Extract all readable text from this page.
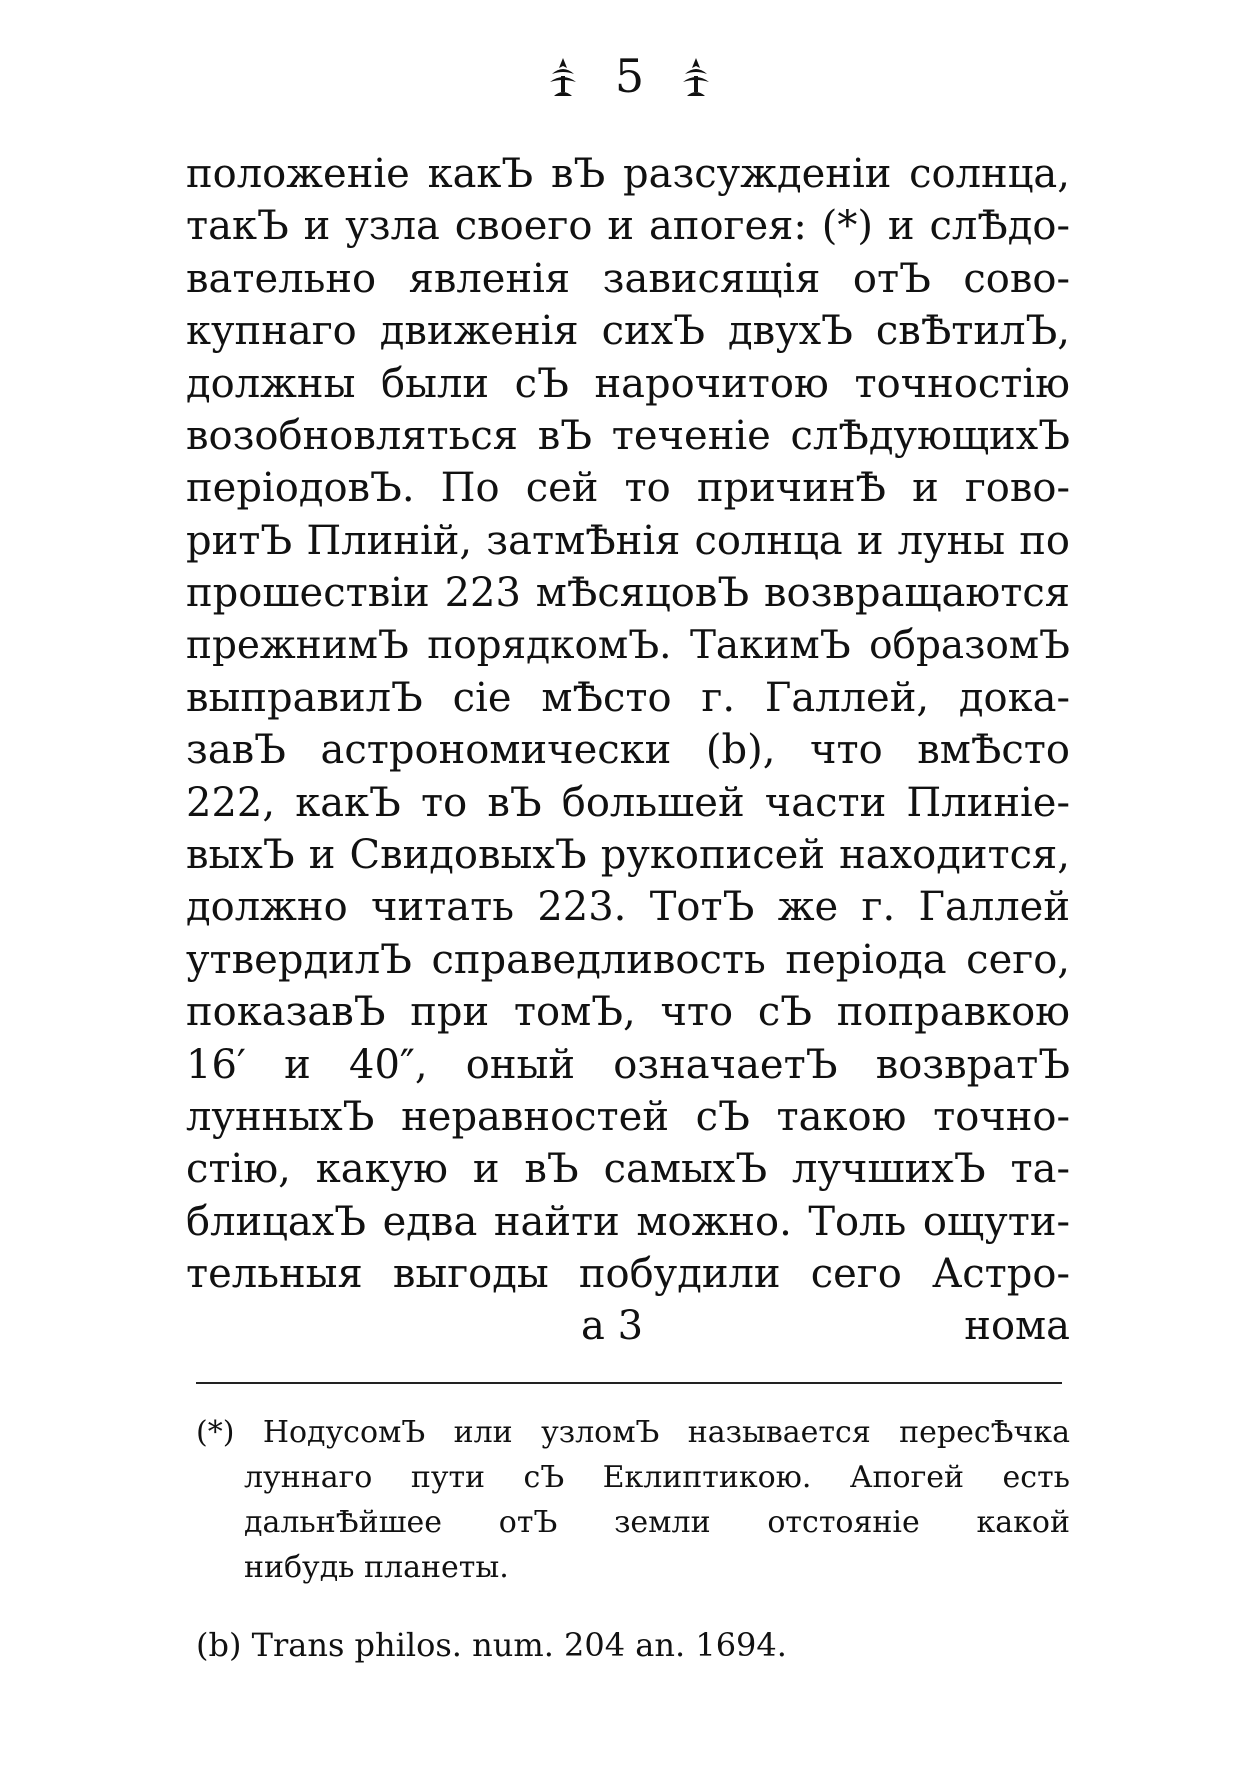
5
положенiе какЪ вЪ разсужденiи солнца,
такЪ и узла своего и апогея: (*) и слѢдо-
вательно явленiя зависящiя отЪ сово-
купнаго движенiя сихЪ двухЪ свѢтилЪ,
должны были сЪ нарочитою точностiю
возобновляться вЪ теченiе слѢдующихЪ
перiодовЪ. По сей то причинѢ и гово-
ритЪ Плинiй, затмѢнiя солнца и луны по
прошествiи 223 мѢсяцовЪ возвращаются
прежнимЪ порядкомЪ. ТакимЪ образомЪ
выправилЪ сiе мѢсто г. Галлей, дока-
завЪ астрономически (b), что вмѢсто
222, какЪ то вЪ большей части Плинiе-
выхЪ и СвидовыхЪ рукописей находится,
должно читать 223. ТотЪ же г. Галлей
утвердилЪ справедливость перiода сего,
показавЪ при томЪ, что сЪ поправкою
16′ и 40″, оный означаетЪ возвратЪ
лунныхЪ неравностей сЪ такою точно-
стiю, какую и вЪ самыхЪ лучшихЪ та-
блицахЪ едва найти можно. Толь ощути-
тельныя выгоды побудили сего Астро-
а 3	нома
(*) НодусомЪ или узломЪ называется пересѢчка
луннаго пути сЪ Еклиптикою. Апогей есть
дальнѢйшее отЪ земли отстоянiе какой
нибудь планеты.
(b) Trans philos. num. 204 an. 1694.
